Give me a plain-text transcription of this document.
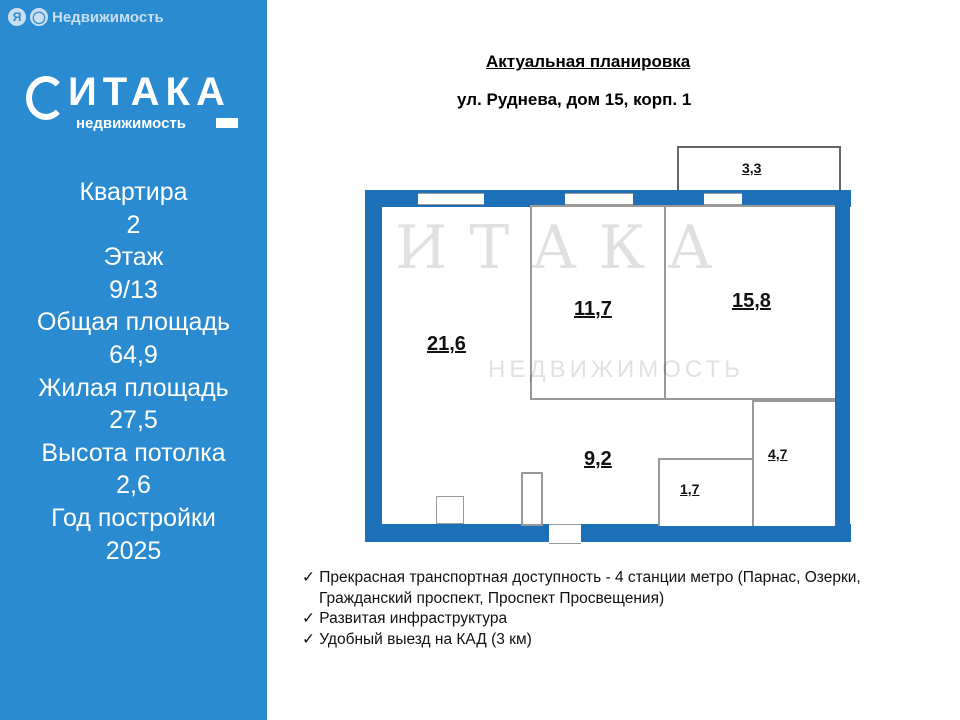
Я ◯ Недвижимость
ИТАКА
недвижимость
Квартира
2
Этаж
9/13
Общая площадь
64,9
Жилая площадь
27,5
Высота потолка
2,6
Год постройки
2025
Актуальная планировка
ул. Руднева, дом 15, корп. 1
ИТАКА
НЕДВИЖИМОСТЬ
3,3
21,6
11,7	15,8
9,2
1,7
4,7
✓ Прекрасная транспортная доступность - 4 станции метро (Парнас, Озерки, Гражданский проспект, Проспект Просвещения)
✓ Развитая инфраструктура
✓ Удобный выезд на КАД (3 км)
